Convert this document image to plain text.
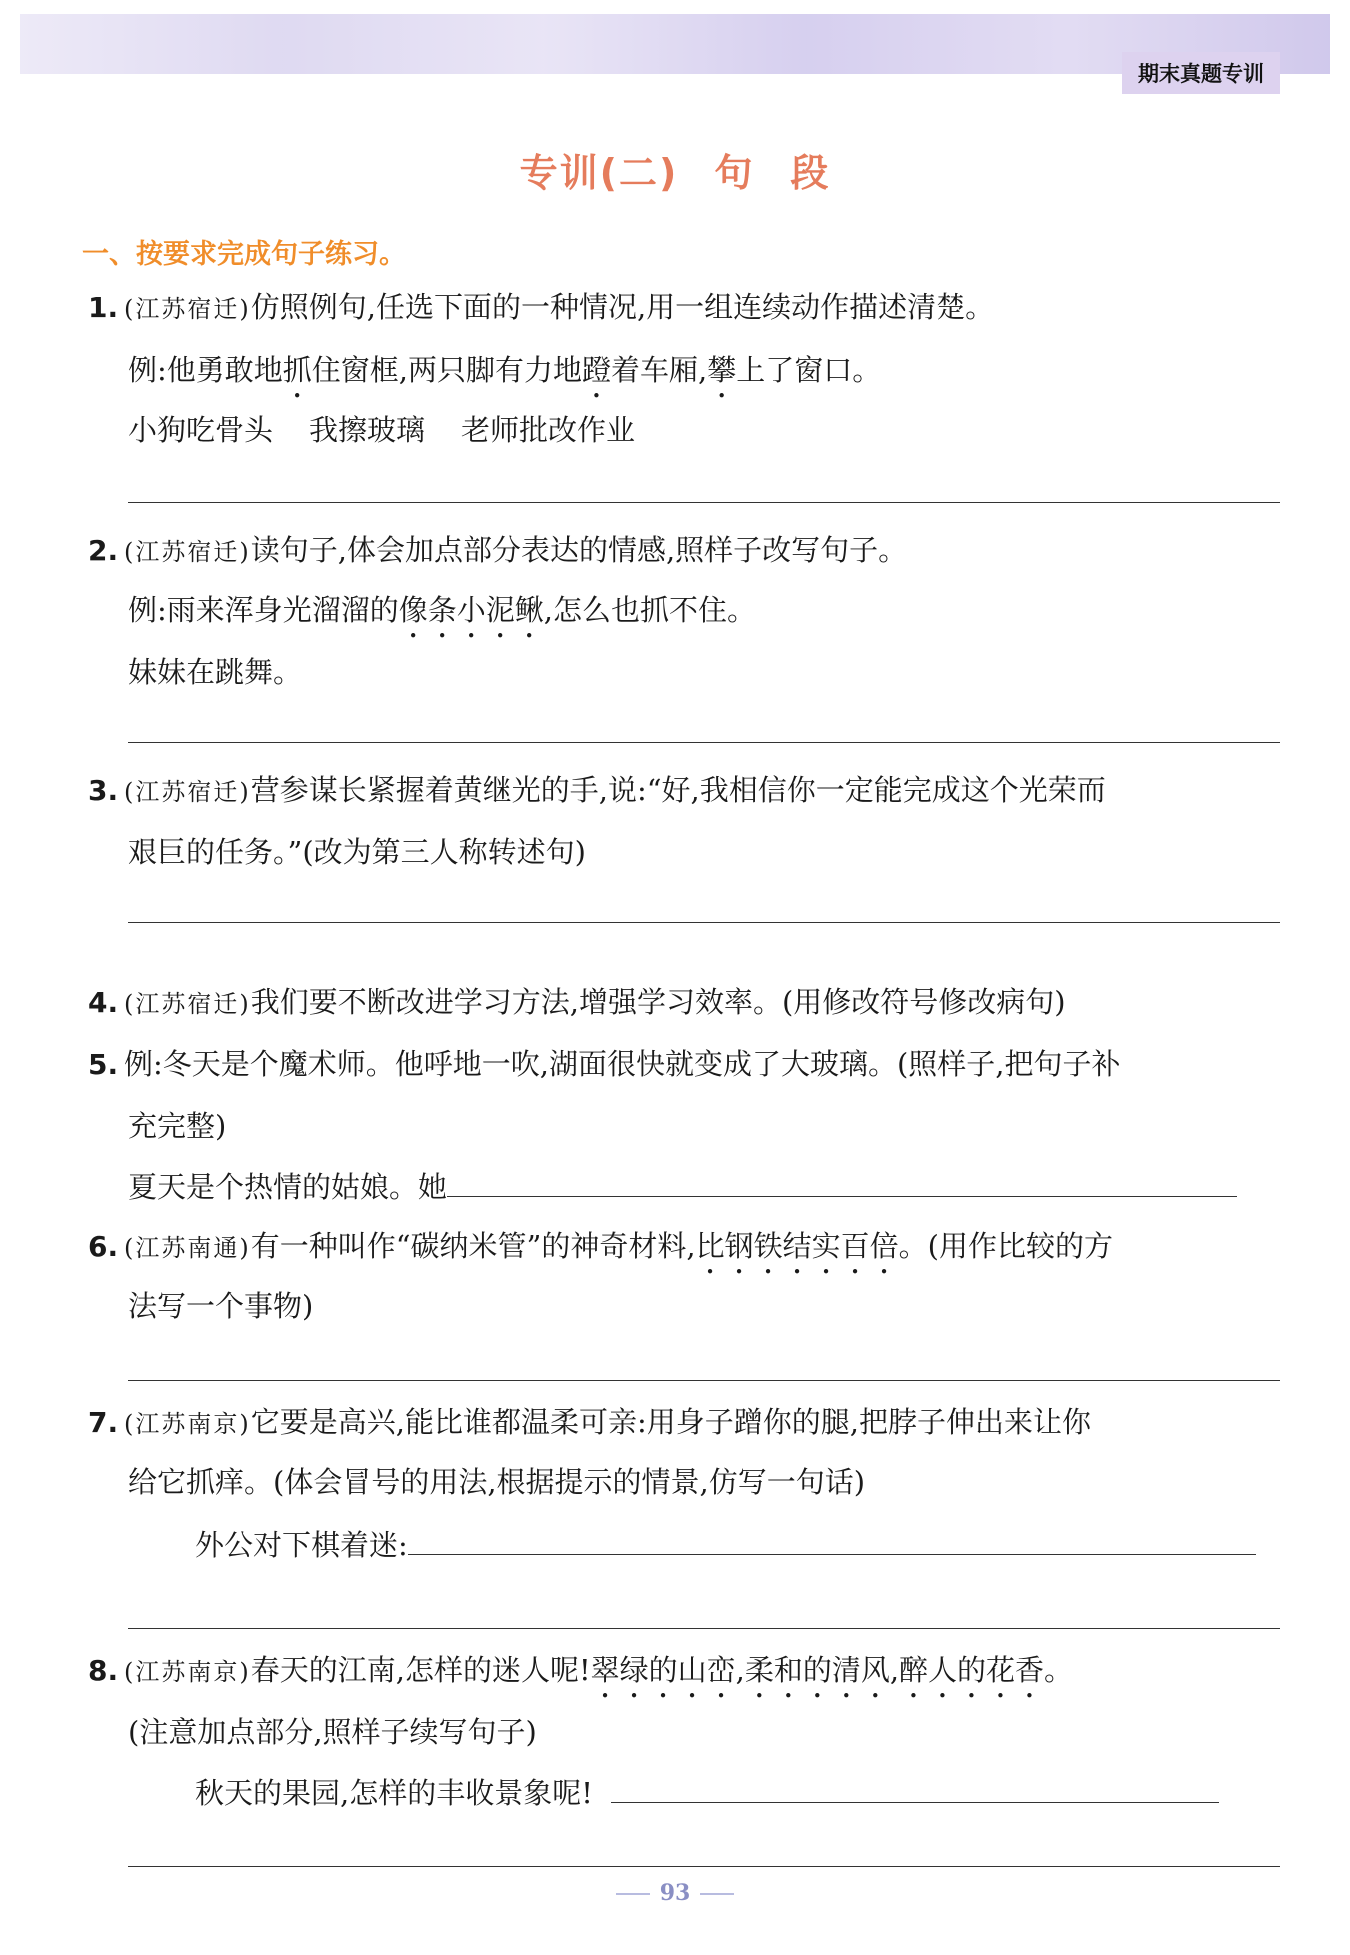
期末真题专训
专训(二) 句 段
一、按要求完成句子练习。
1. (江苏宿迁)仿照例句,任选下面的一种情况,用一组连续动作描述清楚。
例:他勇敢地抓住窗框,两只脚有力地蹬着车厢,攀上了窗口。
小狗吃骨头 我擦玻璃 老师批改作业
2. (江苏宿迁)读句子,体会加点部分表达的情感,照样子改写句子。
例:雨来浑身光溜溜的像条小泥鳅,怎么也抓不住。
妹妹在跳舞。
3. (江苏宿迁)营参谋长紧握着黄继光的手,说:“好,我相信你一定能完成这个光荣而
艰巨的任务。”(改为第三人称转述句)
4. (江苏宿迁)我们要不断改进学习方法,增强学习效率。(用修改符号修改病句)
5. 例:冬天是个魔术师。他呼地一吹,湖面很快就变成了大玻璃。(照样子,把句子补
充完整)
夏天是个热情的姑娘。她
6. (江苏南通)有一种叫作“碳纳米管”的神奇材料,比钢铁结实百倍。(用作比较的方
法写一个事物)
7. (江苏南京)它要是高兴,能比谁都温柔可亲:用身子蹭你的腿,把脖子伸出来让你
给它抓痒。(体会冒号的用法,根据提示的情景,仿写一句话)
外公对下棋着迷:
8. (江苏南京)春天的江南,怎样的迷人呢!翠绿的山峦,柔和的清风,醉人的花香。
(注意加点部分,照样子续写句子)
秋天的果园,怎样的丰收景象呢!
93
